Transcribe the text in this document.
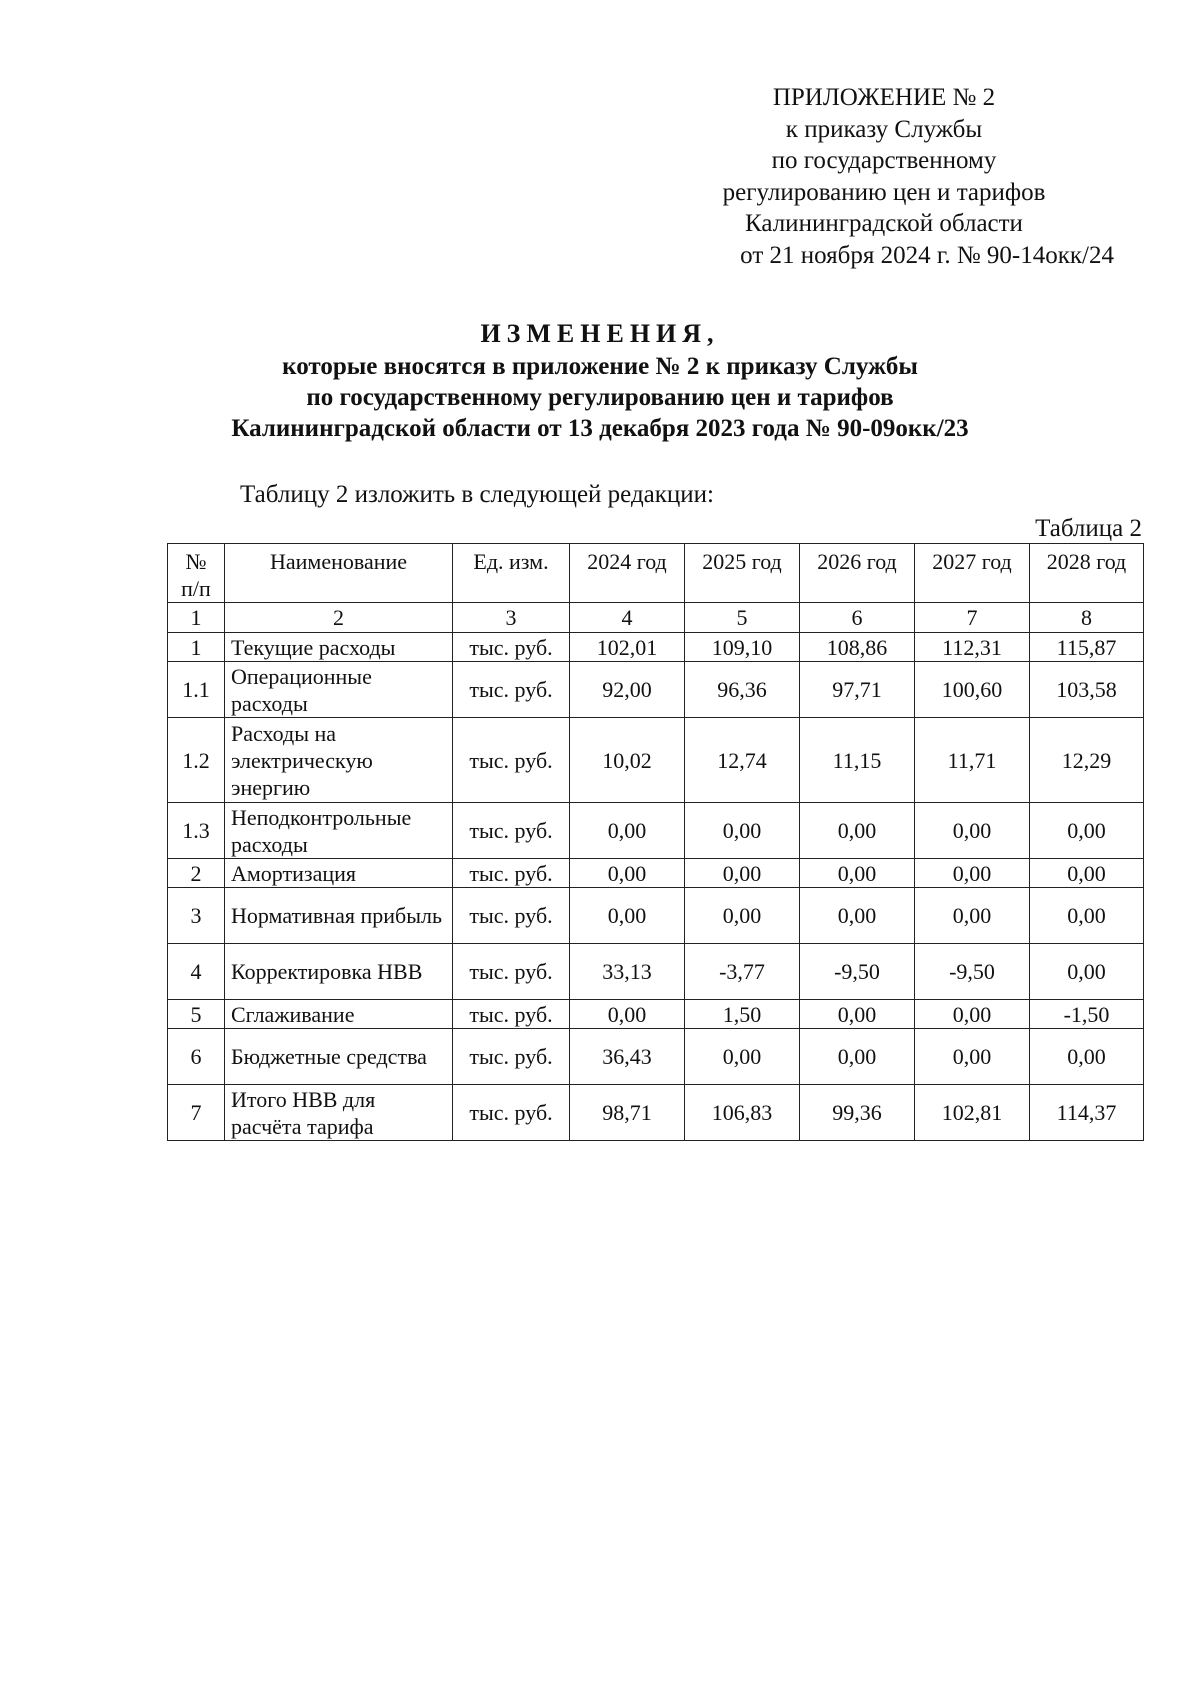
ПРИЛОЖЕНИЕ № 2
к приказу Службы
по государственному
регулированию цен и тарифов
Калининградской области
от 21 ноября 2024 г. № 90-14окк/24
ИЗМЕНЕНИЯ,
которые вносятся в приложение № 2 к приказу Службы
по государственному регулированию цен и тарифов
Калининградской области от 13 декабря 2023 года № 90-09окк/23
Таблицу 2 изложить в следующей редакции:
Таблица 2
№ п/п	Наименование	Ед. изм.	2024 год	2025 год	2026 год	2027 год	2028 год
1	2	3	4	5	6	7	8
1	Текущие расходы	тыс. руб.	102,01	109,10	108,86	112,31	115,87
1.1	Операционные расходы	тыс. руб.	92,00	96,36	97,71	100,60	103,58
1.2	Расходы на электрическую энергию	тыс. руб.	10,02	12,74	11,15	11,71	12,29
1.3	Неподконтрольные расходы	тыс. руб.	0,00	0,00	0,00	0,00	0,00
2	Амортизация	тыс. руб.	0,00	0,00	0,00	0,00	0,00
3	Нормативная прибыль	тыс. руб.	0,00	0,00	0,00	0,00	0,00
4	Корректировка НВВ	тыс. руб.	33,13	-3,77	-9,50	-9,50	0,00
5	Сглаживание	тыс. руб.	0,00	1,50	0,00	0,00	-1,50
6	Бюджетные средства	тыс. руб.	36,43	0,00	0,00	0,00	0,00
7	Итого НВВ для расчёта тарифа	тыс. руб.	98,71	106,83	99,36	102,81	114,37
